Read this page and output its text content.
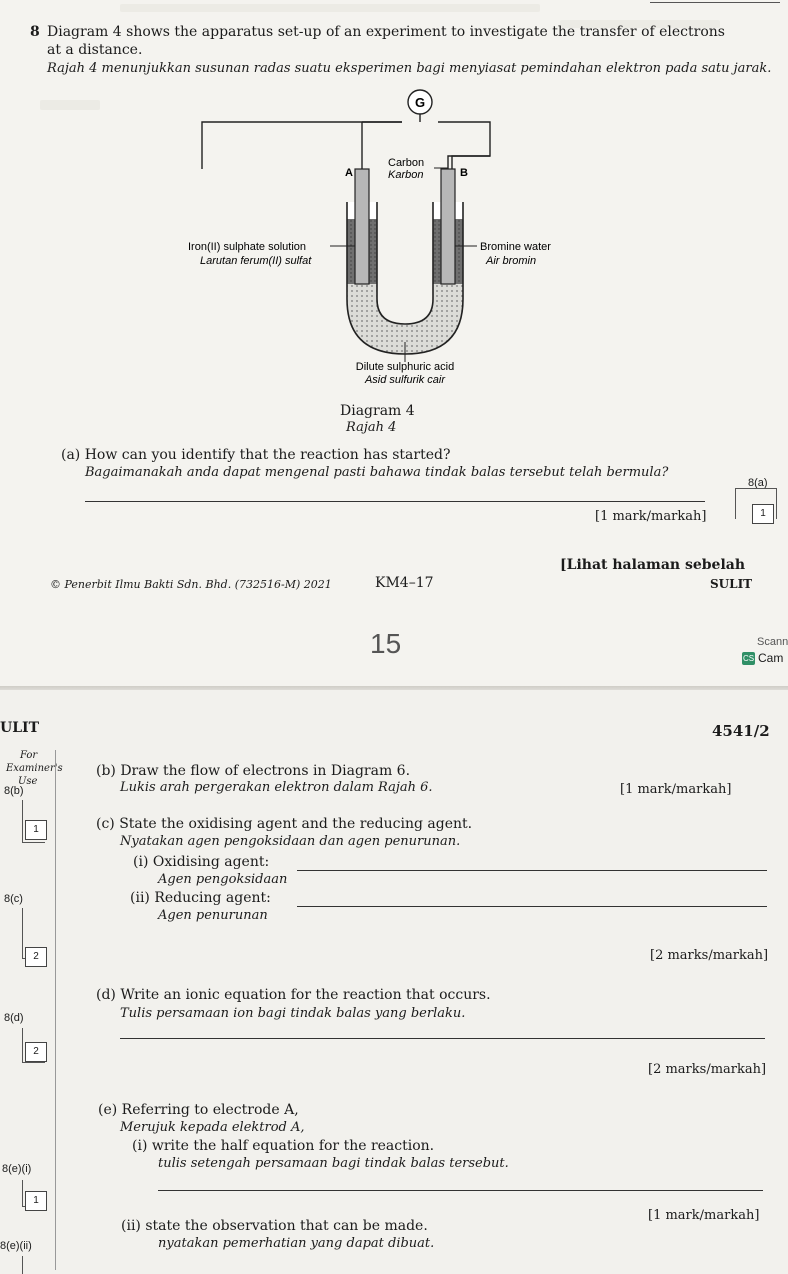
8 Diagram 4 shows the apparatus set-up of an experiment to investigate the transfer of electrons
at a distance.
Rajah 4 menunjukkan susunan radas suatu eksperimen bagi menyiasat pemindahan elektron pada satu jarak.
G
A	B
Carbon
Karbon
Iron(II) sulphate solution
Larutan ferum(II) sulfat
Bromine water
Air bromin
Dilute sulphuric acid
Asid sulfurik cair
Diagram 4
Rajah 4
(a) How can you identify that the reaction has started?
Bagaimanakah anda dapat mengenal pasti bahawa tindak balas tersebut telah bermula?
8(a)
1
[1 mark/markah]
[Lihat halaman sebelah
© Penerbit Ilmu Bakti Sdn. Bhd. (732516-M) 2021	KM4–17	SULIT
15	Scann
CS Cam
ULIT	4541/2
For
Examiner's
Use
(b) Draw the flow of electrons in Diagram 6.
Lukis arah pergerakan elektron dalam Rajah 6.	[1 mark/markah]
8(b)
1	(c) State the oxidising agent and the reducing agent.
Nyatakan agen pengoksidaan dan agen penurunan.
(i) Oxidising agent:
Agen pengoksidaan
(ii) Reducing agent:
Agen penurunan
8(c)
2	[2 marks/markah]
(d) Write an ionic equation for the reaction that occurs.
Tulis persamaan ion bagi tindak balas yang berlaku.
8(d)
2
[2 marks/markah]
(e) Referring to electrode A,
Merujuk kepada elektrod A,
(i) write the half equation for the reaction.
tulis setengah persamaan bagi tindak balas tersebut.
8(e)(i)
1
[1 mark/markah]
(ii) state the observation that can be made.
nyatakan pemerhatian yang dapat dibuat.
8(e)(ii)
